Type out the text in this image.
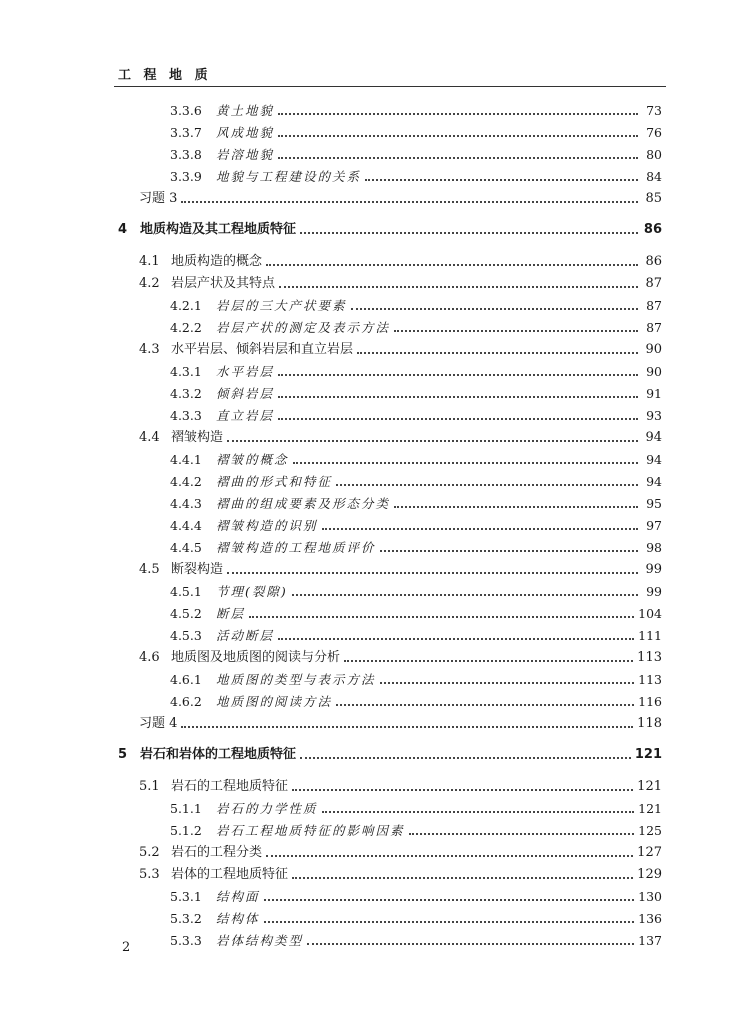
工 程 地 质
3.3.6	黄土地貌	73
3.3.7	风成地貌	76
3.3.8	岩溶地貌	80
3.3.9	地貌与工程建设的关系	84
习题 3	85
4 地质构造及其工程地质特征	86
4.1 地质构造的概念	86
4.2 岩层产状及其特点	87
4.2.1	岩层的三大产状要素	87
4.2.2	岩层产状的测定及表示方法	87
4.3 水平岩层、倾斜岩层和直立岩层	90
4.3.1	水平岩层	90
4.3.2	倾斜岩层	91
4.3.3	直立岩层	93
4.4 褶皱构造	94
4.4.1	褶皱的概念	94
4.4.2	褶曲的形式和特征	94
4.4.3	褶曲的组成要素及形态分类	95
4.4.4	褶皱构造的识别	97
4.4.5	褶皱构造的工程地质评价	98
4.5 断裂构造	99
4.5.1	节理(裂隙)	99
4.5.2	断层	104
4.5.3	活动断层	111
4.6 地质图及地质图的阅读与分析	113
4.6.1	地质图的类型与表示方法	113
4.6.2	地质图的阅读方法	116
习题 4	118
5 岩石和岩体的工程地质特征	121
5.1 岩石的工程地质特征	121
5.1.1	岩石的力学性质	121
5.1.2	岩石工程地质特征的影响因素	125
5.2 岩石的工程分类	127
5.3 岩体的工程地质特征	129
5.3.1	结构面	130
5.3.2	结构体	136
5.3.3	岩体结构类型	137
2
